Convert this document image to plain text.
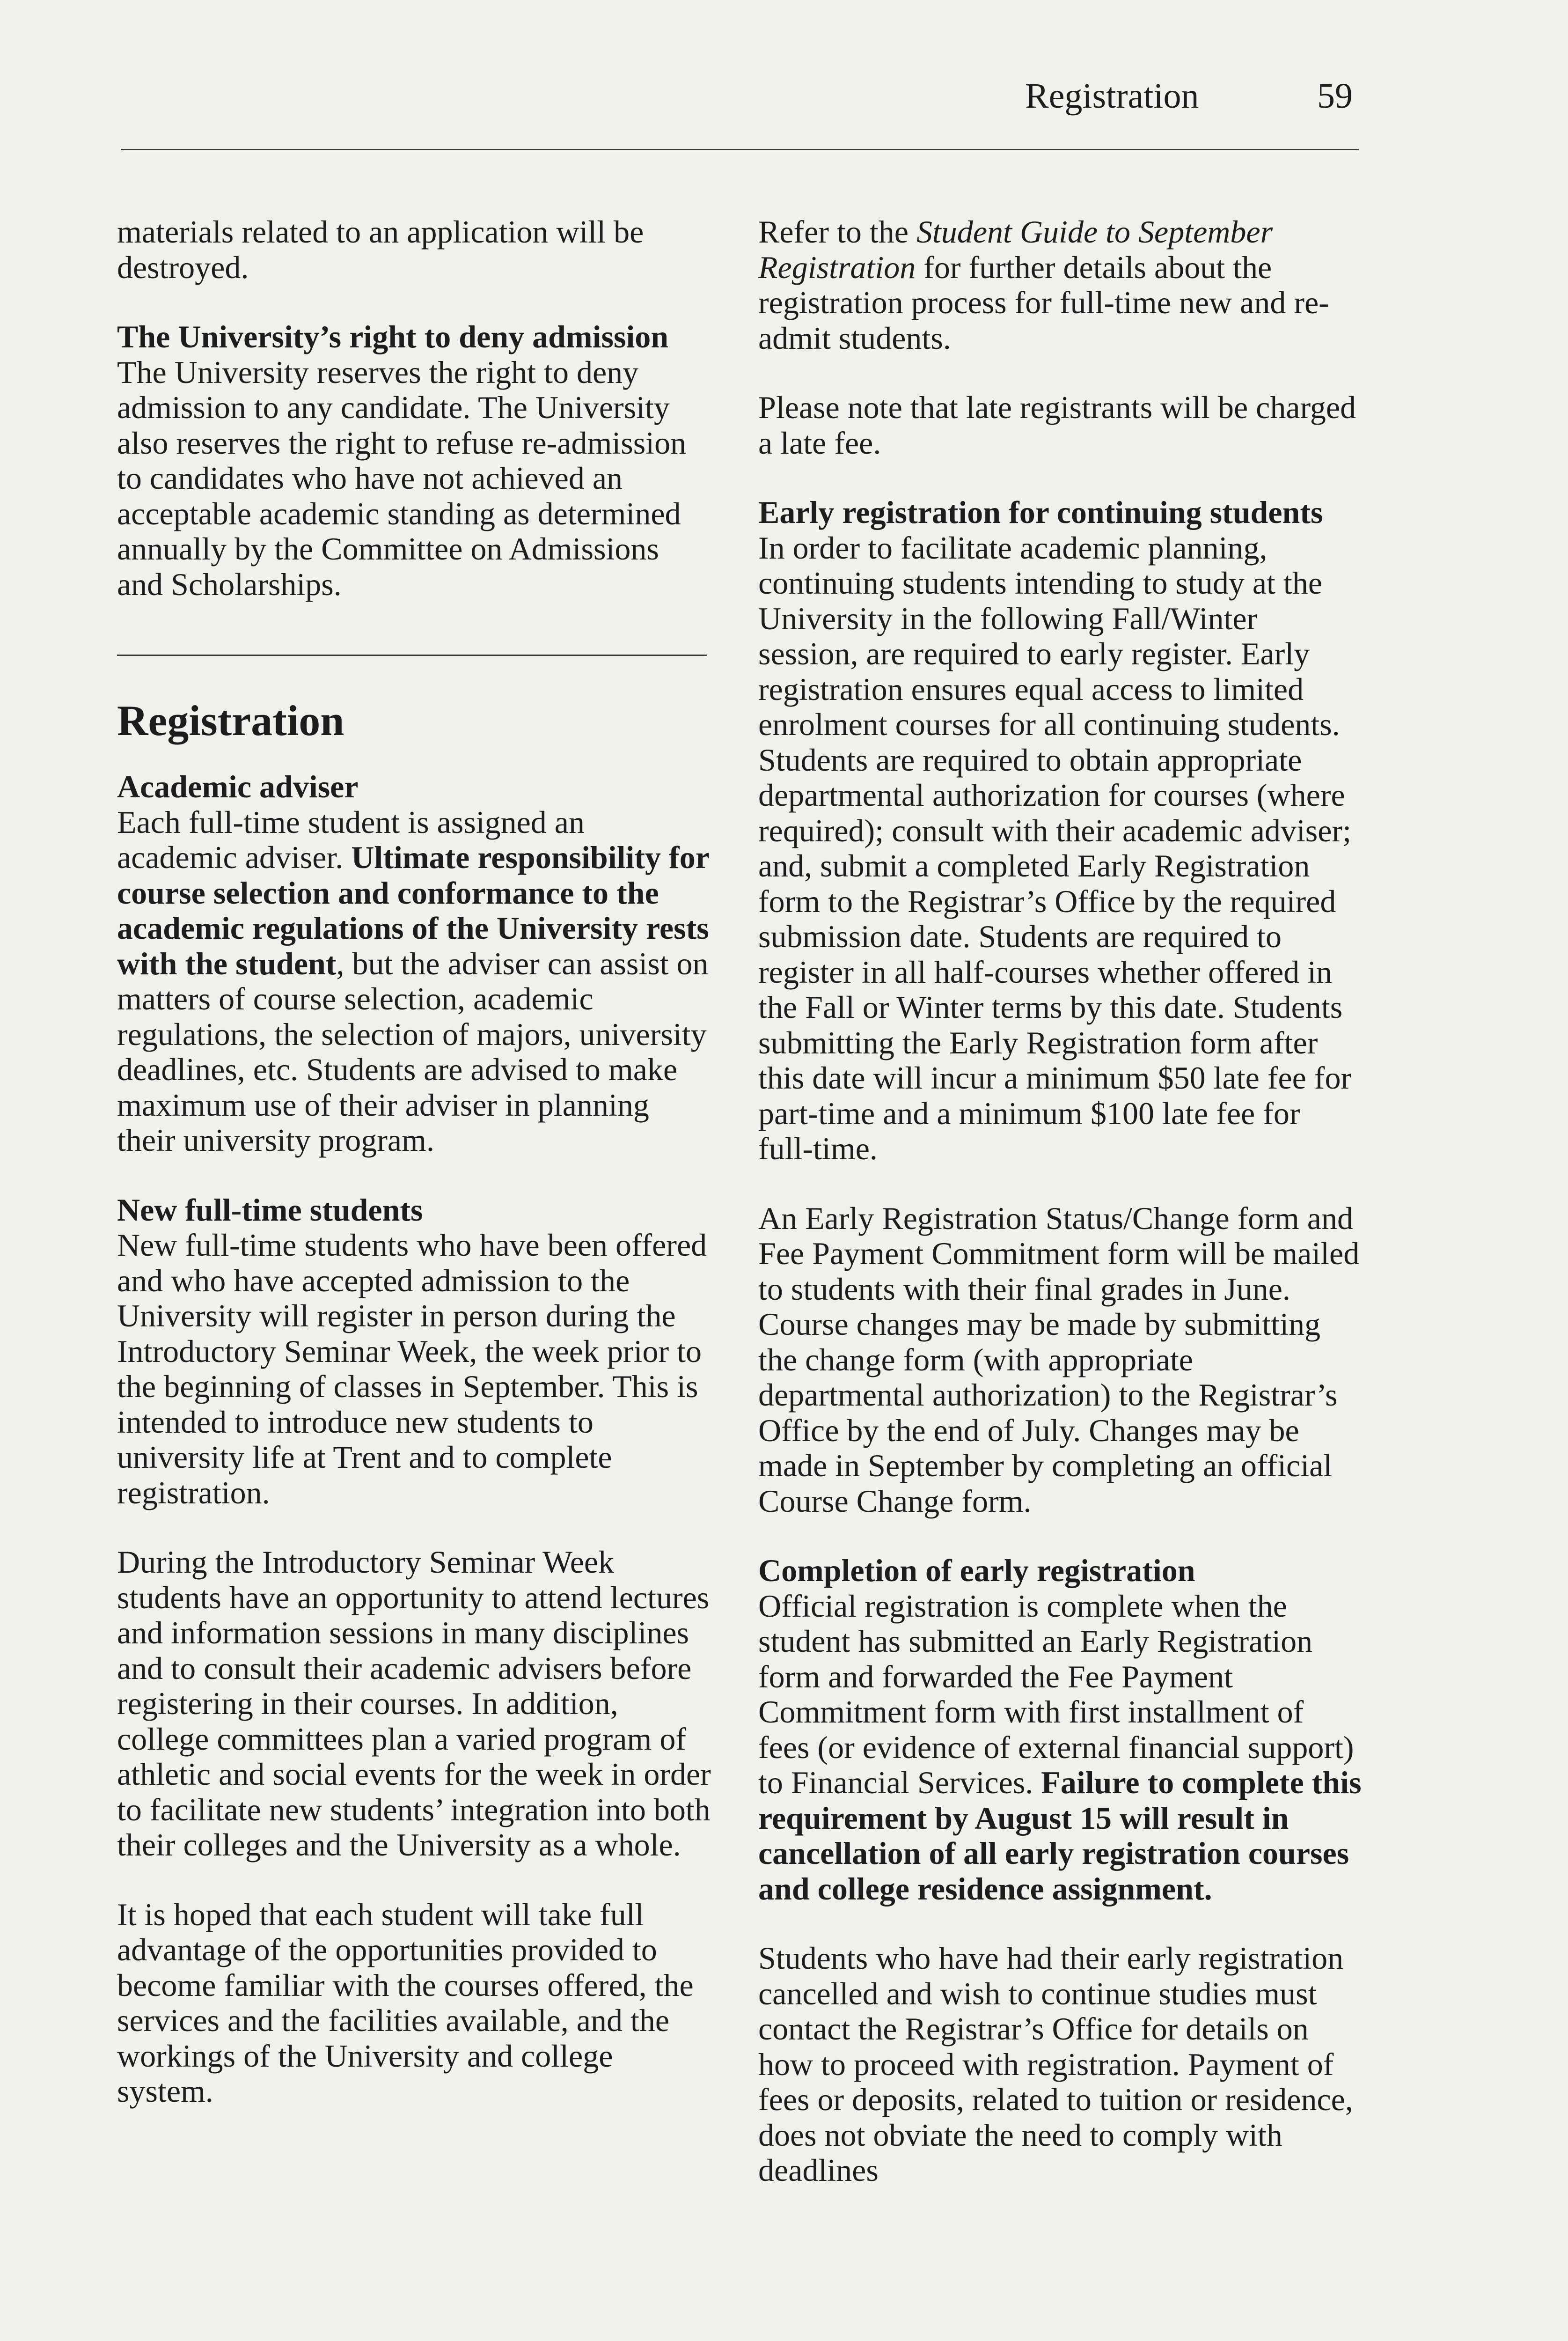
Registration	59

materials related to an application will be destroyed.

The University’s right to deny admission

The University reserves the right to deny admission to any candidate. The University also reserves the right to refuse re-admission to candidates who have not achieved an acceptable academic standing as determined annually by the Committee on Admissions and Scholarships.

Registration

Academic adviser

Each full-time student is assigned an academic adviser. Ultimate responsibility for course selection and conformance to the academic regulations of the University rests with the student, but the adviser can assist on matters of course selection, academic regulations, the selection of majors, university deadlines, etc. Students are advised to make maximum use of their adviser in planning their university program.

New full-time students

New full-time students who have been offered and who have accepted admission to the University will register in person during the Introductory Seminar Week, the week prior to the beginning of classes in September. This is intended to introduce new students to university life at Trent and to complete registration.

During the Introductory Seminar Week students have an opportunity to attend lectures and information sessions in many disciplines and to consult their academic advisers before registering in their courses. In addition, college committees plan a varied program of athletic and social events for the week in order to facilitate new students’ integration into both their colleges and the University as a whole.

It is hoped that each student will take full advantage of the opportunities provided to become familiar with the courses offered, the services and the facilities available, and the workings of the University and college system.

Refer to the Student Guide to September Registration for further details about the registration process for full-time new and re-admit students.

Please note that late registrants will be charged a late fee.

Early registration for continuing students

In order to facilitate academic planning, continuing students intending to study at the University in the following Fall/Winter session, are required to early register. Early registration ensures equal access to limited enrolment courses for all continuing students. Students are required to obtain appropriate departmental authorization for courses (where required); consult with their academic adviser; and, submit a completed Early Registration form to the Registrar’s Office by the required submission date. Students are required to register in all half-courses whether offered in the Fall or Winter terms by this date. Students submitting the Early Registration form after this date will incur a minimum $50 late fee for part-time and a minimum $100 late fee for full-time.

An Early Registration Status/Change form and Fee Payment Commitment form will be mailed to students with their final grades in June. Course changes may be made by submitting the change form (with appropriate departmental authorization) to the Registrar’s Office by the end of July. Changes may be made in September by completing an official Course Change form.

Completion of early registration

Official registration is complete when the student has submitted an Early Registration form and forwarded the Fee Payment Commitment form with first installment of fees (or evidence of external financial support) to Financial Services. Failure to complete this requirement by August 15 will result in cancellation of all early registration courses and college residence assignment.

Students who have had their early registration cancelled and wish to continue studies must contact the Registrar’s Office for details on how to proceed with registration. Payment of fees or deposits, related to tuition or residence, does not obviate the need to comply with deadlines
